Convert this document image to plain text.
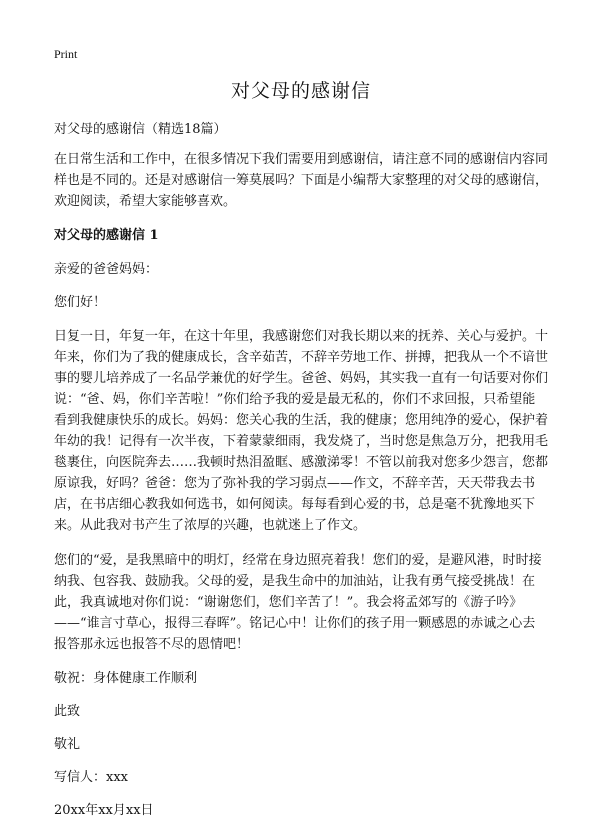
Print
对父母的感谢信

对父母的感谢信（精选18篇）

在日常生活和工作中，在很多情况下我们需要用到感谢信，请注意不同的感谢信内容同样也是不同的。还是对感谢信一筹莫展吗？下面是小编帮大家整理的对父母的感谢信，欢迎阅读，希望大家能够喜欢。

对父母的感谢信 1

亲爱的爸爸妈妈：

您们好！

日复一日，年复一年，在这十年里，我感谢您们对我长期以来的抚养、关心与爱护。十年来，你们为了我的健康成长，含辛茹苦，不辞辛劳地工作、拼搏，把我从一个不谙世事的婴儿培养成了一名品学兼优的好学生。爸爸、妈妈，其实我一直有一句话要对你们说：“爸、妈，你们辛苦啦！”你们给予我的爱是最无私的，你们不求回报，只希望能看到我健康快乐的成长。妈妈：您关心我的生活，我的健康；您用纯净的爱心，保护着年幼的我！记得有一次半夜，下着蒙蒙细雨，我发烧了，当时您是焦急万分，把我用毛毯裹住，向医院奔去……我顿时热泪盈眶、感激涕零！不管以前我对您多少怨言，您都原谅我，好吗？爸爸：您为了弥补我的学习弱点——作文，不辞辛苦，天天带我去书店，在书店细心教我如何选书，如何阅读。每每看到心爱的书，总是毫不犹豫地买下来。从此我对书产生了浓厚的兴趣，也就迷上了作文。

您们的“爱，是我黑暗中的明灯，经常在身边照亮着我！您们的爱，是避风港，时时接纳我、包容我、鼓励我。父母的爱，是我生命中的加油站，让我有勇气接受挑战！在此，我真诚地对你们说：“谢谢您们，您们辛苦了！”。我会将孟郊写的《游子吟》——“谁言寸草心，报得三春晖”。铭记心中！让你们的孩子用一颗感恩的赤诚之心去报答那永远也报答不尽的恩情吧！

敬祝：身体健康工作顺利

此致

敬礼

写信人：xxx

20xx年xx月xx日
